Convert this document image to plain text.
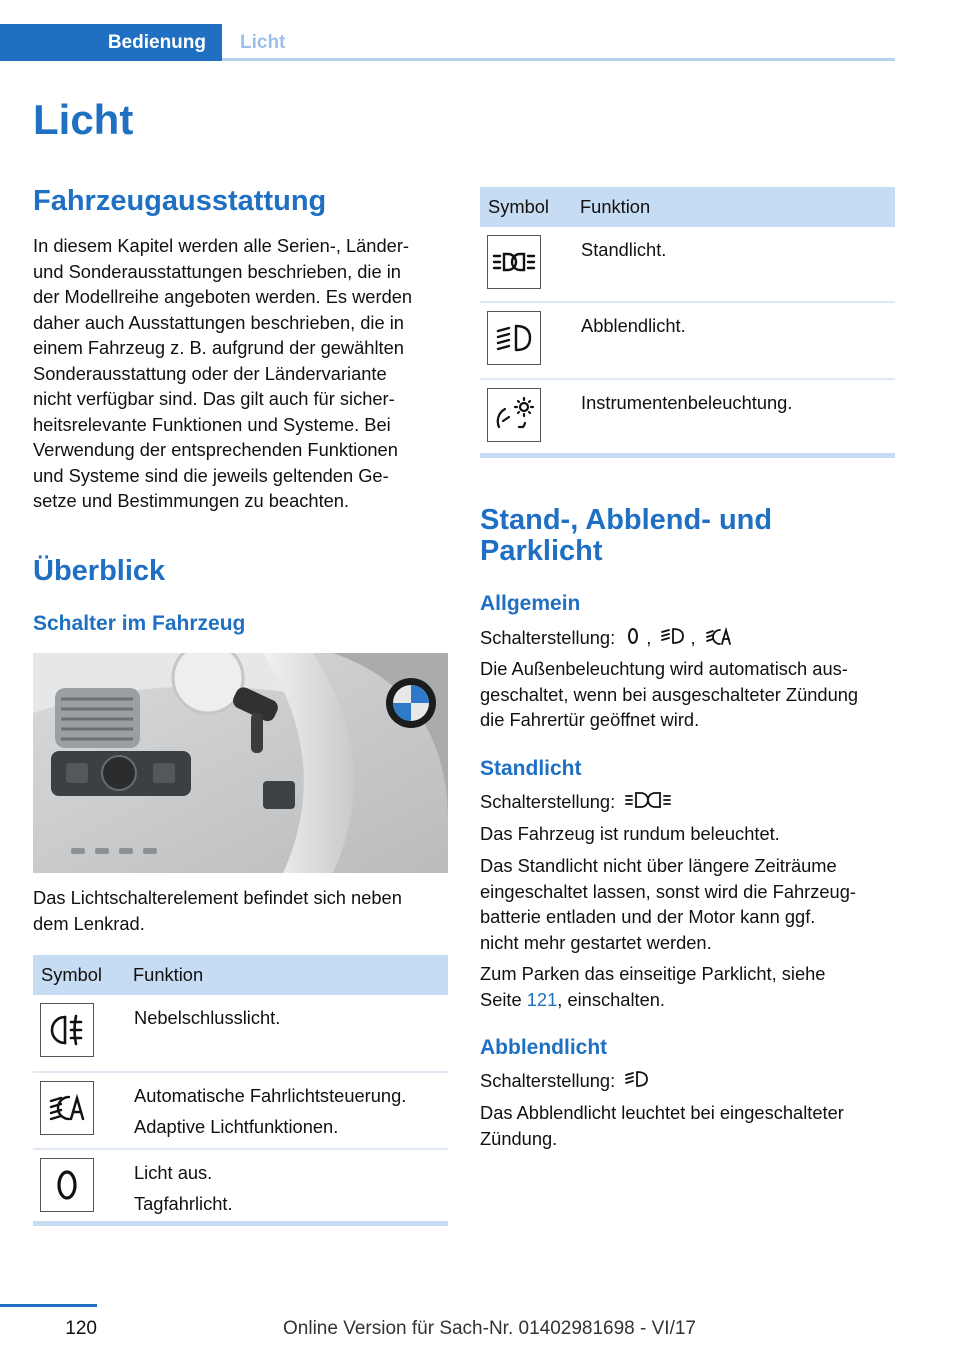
Bedienung	Licht
Licht
Fahrzeugausstattung

In diesem Kapitel werden alle Serien-, Länder-
und Sonderausstattungen beschrieben, die in
der Modellreihe angeboten werden. Es werden
daher auch Ausstattungen beschrieben, die in
einem Fahrzeug z. B. aufgrund der gewählten
Sonderausstattung oder der Ländervariante
nicht verfügbar sind. Das gilt auch für sicher-
heitsrelevante Funktionen und Systeme. Bei
Verwendung der entsprechenden Funktionen
und Systeme sind die jeweils geltenden Ge-
setze und Bestimmungen zu beachten.

Überblick
Schalter im Fahrzeug

Das Lichtschalterelement befindet sich neben
dem Lenkrad.

Symbol	Funktion

Nebelschlusslicht.

Automatische Fahrlichtsteuerung.
Adaptive Lichtfunktionen.

Licht aus.
Tagfahrlicht.
Symbol	Funktion

Standlicht.

Abblendlicht.

Instrumentenbeleuchtung.
Stand-, Abblend- und
Parklicht
Allgemein

Schalterstellung: , ,

Die Außenbeleuchtung wird automatisch aus-
geschaltet, wenn bei ausgeschalteter Zündung
die Fahrertür geöffnet wird.

Standlicht

Schalterstellung:

Das Fahrzeug ist rundum beleuchtet.

Das Standlicht nicht über längere Zeiträume
eingeschaltet lassen, sonst wird die Fahrzeug-
batterie entladen und der Motor kann ggf.
nicht mehr gestartet werden.

Zum Parken das einseitige Parklicht, siehe
Seite 121, einschalten.

Abblendlicht

Schalterstellung:

Das Abblendlicht leuchtet bei eingeschalteter
Zündung.

120	Online Version für Sach-Nr. 01402981698 - VI/17
